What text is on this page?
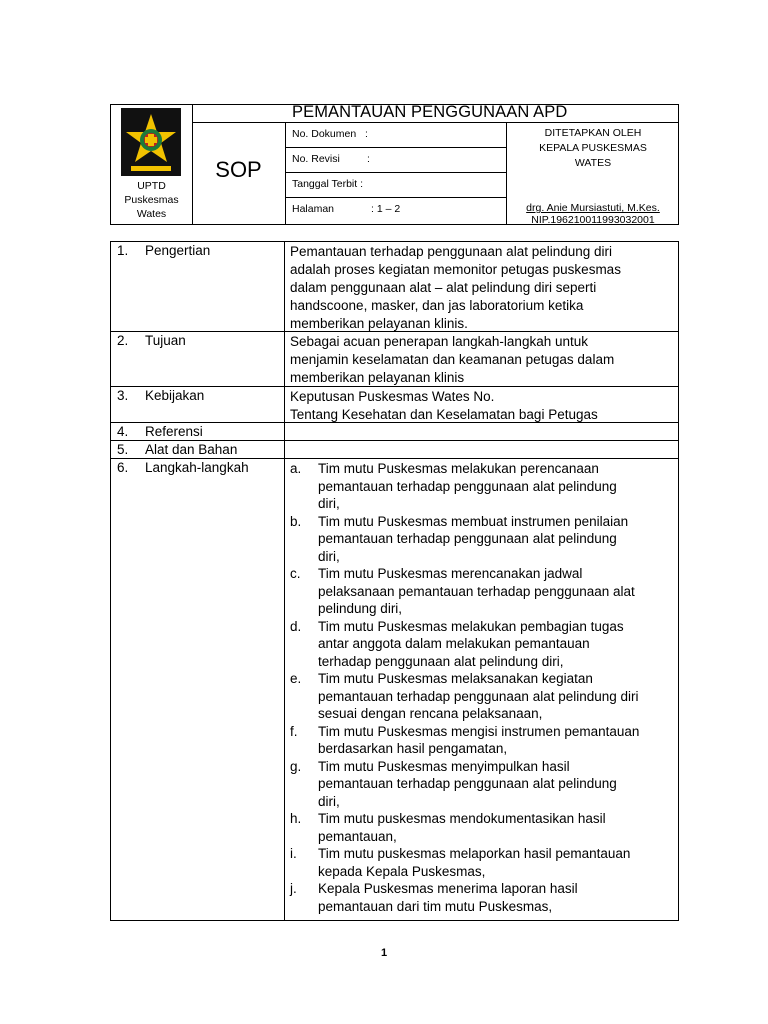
UPTD
Puskesmas
Wates
PEMANTAUAN PENGGUNAAN APD
SOP
No. Dokumen :
No. Revisi	:
Tanggal Terbit :
Halaman	: 1 – 2
DITETAPKAN OLEH
KEPALA PUSKESMAS
WATES
drg. Anie Mursiastuti, M.Kes.
NIP.196210011993032001
1. Pengertian	Pemantauan terhadap penggunaan alat pelindung diri
adalah proses kegiatan memonitor petugas puskesmas
dalam penggunaan alat – alat pelindung diri seperti
handscoone, masker, dan jas laboratorium ketika
memberikan pelayanan klinis.
2. Tujuan	Sebagai acuan penerapan langkah-langkah untuk
menjamin keselamatan dan keamanan petugas dalam
memberikan pelayanan klinis
3. Kebijakan	Keputusan Puskesmas Wates No.
Tentang Kesehatan dan Keselamatan bagi Petugas
4. Referensi
5. Alat dan Bahan
6. Langkah-langkah	a. Tim mutu Puskesmas melakukan perencanaan
pemantauan terhadap penggunaan alat pelindung
diri,
b. Tim mutu Puskesmas membuat instrumen penilaian
pemantauan terhadap penggunaan alat pelindung
diri,
c. Tim mutu Puskesmas merencanakan jadwal
pelaksanaan pemantauan terhadap penggunaan alat
pelindung diri,
d. Tim mutu Puskesmas melakukan pembagian tugas
antar anggota dalam melakukan pemantauan
terhadap penggunaan alat pelindung diri,
e. Tim mutu Puskesmas melaksanakan kegiatan
pemantauan terhadap penggunaan alat pelindung diri
sesuai dengan rencana pelaksanaan,
f. Tim mutu Puskesmas mengisi instrumen pemantauan
berdasarkan hasil pengamatan,
g. Tim mutu Puskesmas menyimpulkan hasil
pemantauan terhadap penggunaan alat pelindung
diri,
h. Tim mutu puskesmas mendokumentasikan hasil
pemantauan,
i. Tim mutu puskesmas melaporkan hasil pemantauan
kepada Kepala Puskesmas,
j. Kepala Puskesmas menerima laporan hasil
pemantauan dari tim mutu Puskesmas,
1
